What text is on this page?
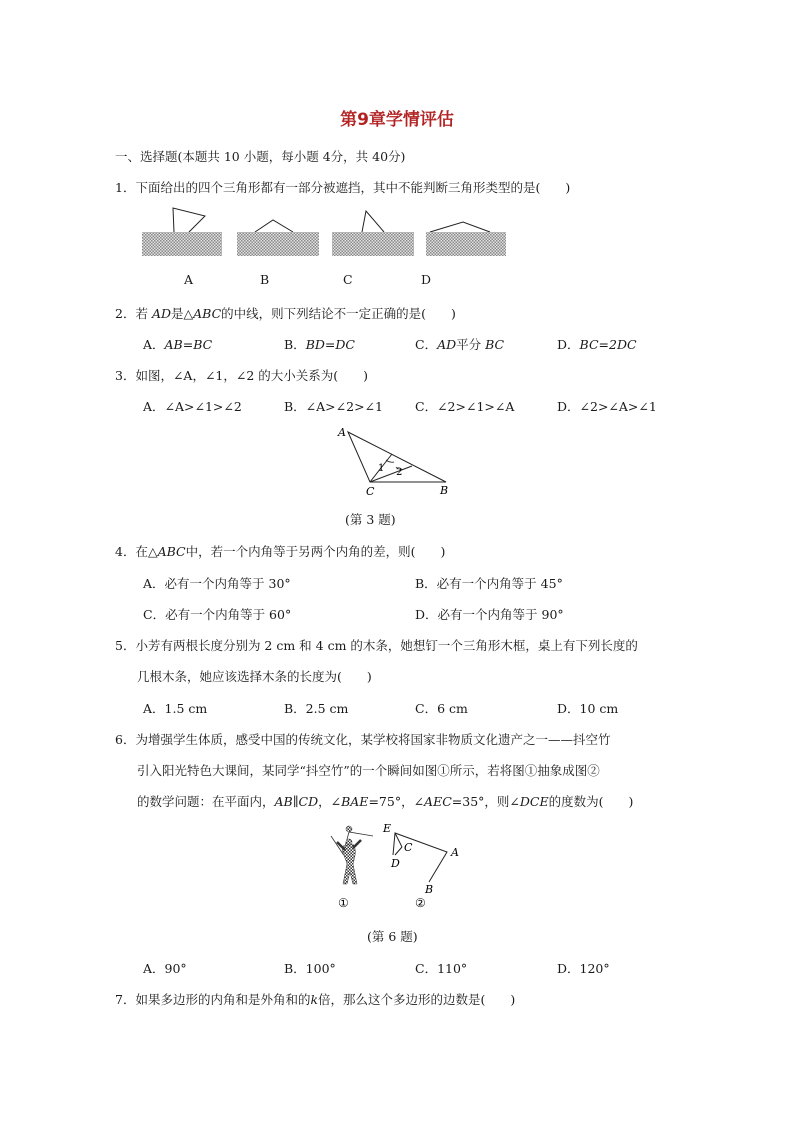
第9章学情评估
一、选择题(本题共 10 小题，每小题 4分，共 40分)
1．下面给出的四个三角形都有一部分被遮挡，其中不能判断三角形类型的是(　　)
A	B	C	D
2．若 AD是△ABC的中线，则下列结论不一定正确的是(　　)
A．AB=BC	B．BD=DC	C．AD平分 BC	D．BC=2DC
3．如图，∠A，∠1，∠2 的大小关系为(　　)
A．∠A>∠1>∠2	B．∠A>∠2>∠1	C．∠2>∠1>∠A	D．∠2>∠A>∠1
A
C	B
1 2
(第 3 题)
4．在△ABC中，若一个内角等于另两个内角的差，则(　　)
A．必有一个内角等于 30°	B．必有一个内角等于 45°
C．必有一个内角等于 60°	D．必有一个内角等于 90°
5．小芳有两根长度分别为 2 cm 和 4 cm 的木条，她想钉一个三角形木框，桌上有下列长度的
几根木条，她应该选择木条的长度为(　　)
A．1.5 cm	B．2.5 cm	C．6 cm	D．10 cm
6．为增强学生体质，感受中国的传统文化，某学校将国家非物质文化遗产之一——抖空竹
引入阳光特色大课间，某同学“抖空竹”的一个瞬间如图①所示，若将图①抽象成图②
的数学问题：在平面内，AB∥CD，∠BAE=75°，∠AEC=35°，则∠DCE的度数为(　　)
①
E
C
D
A
B
②
(第 6 题)
A．90°	B．100°	C．110°	D．120°
7．如果多边形的内角和是外角和的k倍，那么这个多边形的边数是(　　)
